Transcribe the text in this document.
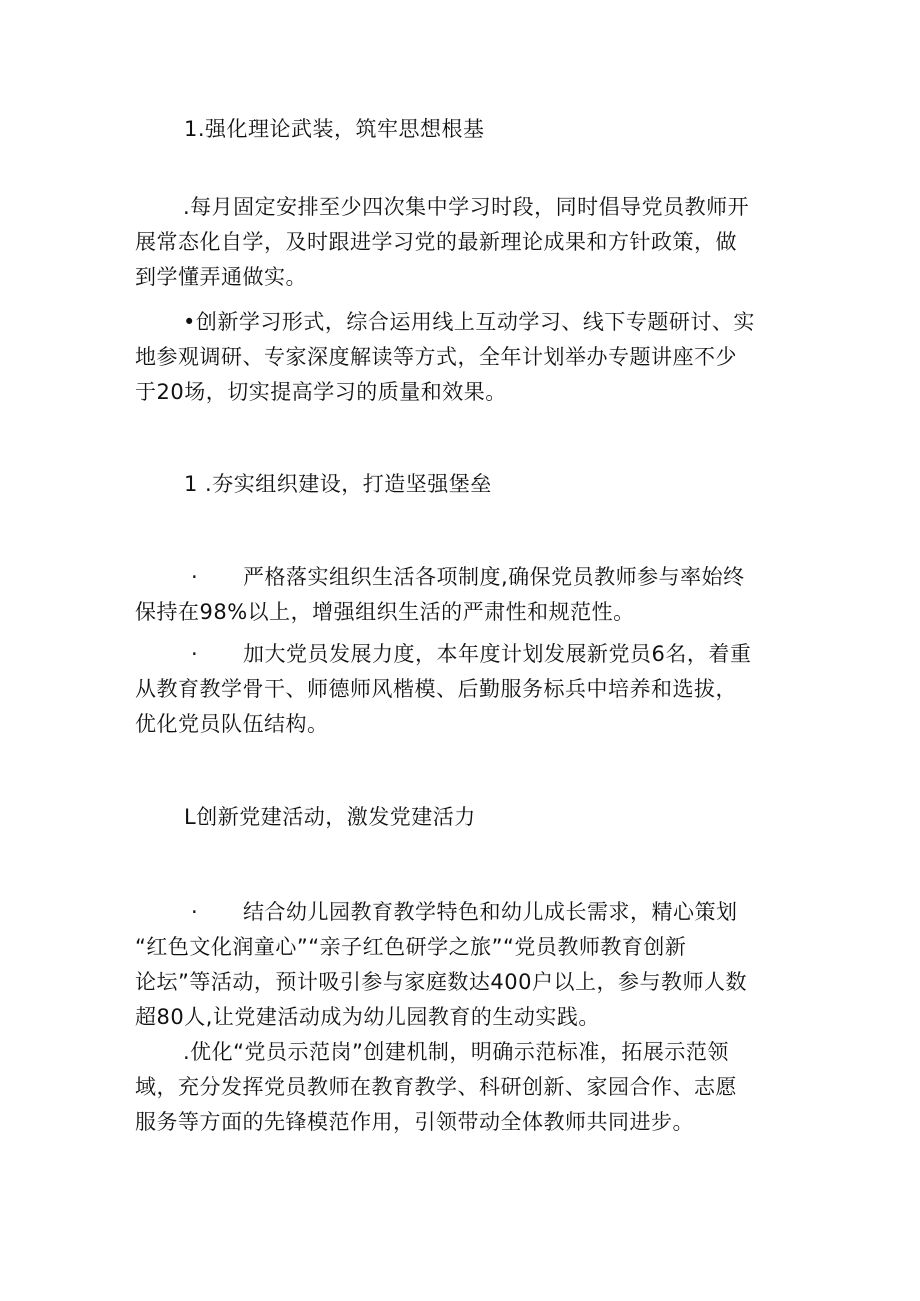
1.强化理论武装，筑牢思想根基
.每月固定安排至少四次集中学习时段，同时倡导党员教师开
展常态化自学，及时跟进学习党的最新理论成果和方针政策，做
到学懂弄通做实。
•创新学习形式，综合运用线上互动学习、线下专题研讨、实
地参观调研、专家深度解读等方式，全年计划举办专题讲座不少
于20场，切实提高学习的质量和效果。
1 .夯实组织建设，打造坚强堡垒
· 严格落实组织生活各项制度,确保党员教师参与率始终
保持在98%以上，增强组织生活的严肃性和规范性。
· 加大党员发展力度，本年度计划发展新党员6名，着重
从教育教学骨干、师德师风楷模、后勤服务标兵中培养和选拔，
优化党员队伍结构。
L创新党建活动，激发党建活力
· 结合幼儿园教育教学特色和幼儿成长需求，精心策划
“红色文化润童心”“亲子红色研学之旅”“党员教师教育创新
论坛”等活动，预计吸引参与家庭数达400户以上，参与教师人数
超80人,让党建活动成为幼儿园教育的生动实践。
.优化“党员示范岗”创建机制，明确示范标准，拓展示范领
域，充分发挥党员教师在教育教学、科研创新、家园合作、志愿
服务等方面的先锋模范作用，引领带动全体教师共同进步。
